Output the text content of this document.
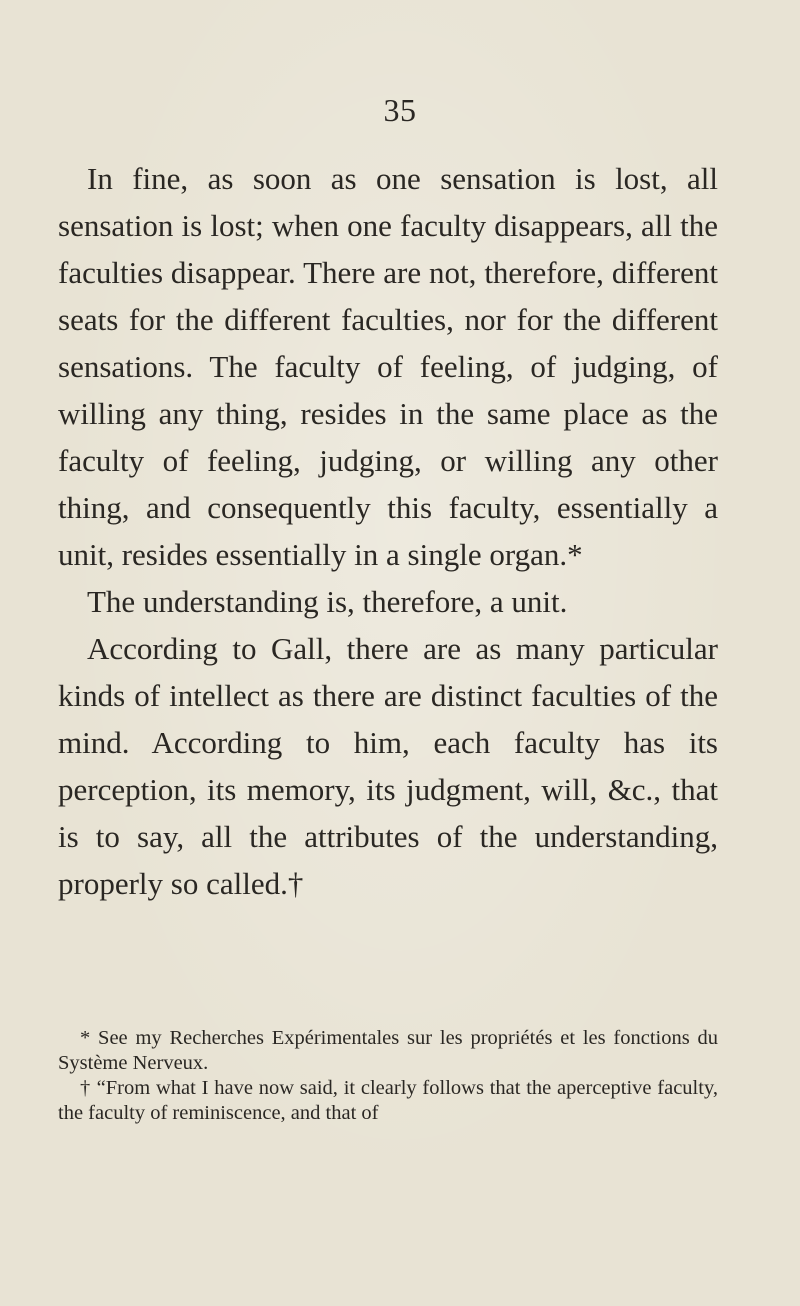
35

In fine, as soon as one sensation is lost, all sensation is lost; when one faculty disappears, all the faculties disappear. There are not, therefore, different seats for the different faculties, nor for the different sensations. The faculty of feeling, of judging, of willing any thing, resides in the same place as the faculty of feeling, judging, or willing any other thing, and consequently this faculty, essentially a unit, resides essentially in a single organ.*

The understanding is, therefore, a unit.

According to Gall, there are as many particular kinds of intellect as there are distinct faculties of the mind. According to him, each faculty has its perception, its memory, its judgment, will, &c., that is to say, all the attributes of the understanding, properly so called.†

* See my Recherches Expérimentales sur les propriétés et les fonctions du Système Nerveux.

† “From what I have now said, it clearly follows that the aperceptive faculty, the faculty of reminiscence, and that of
